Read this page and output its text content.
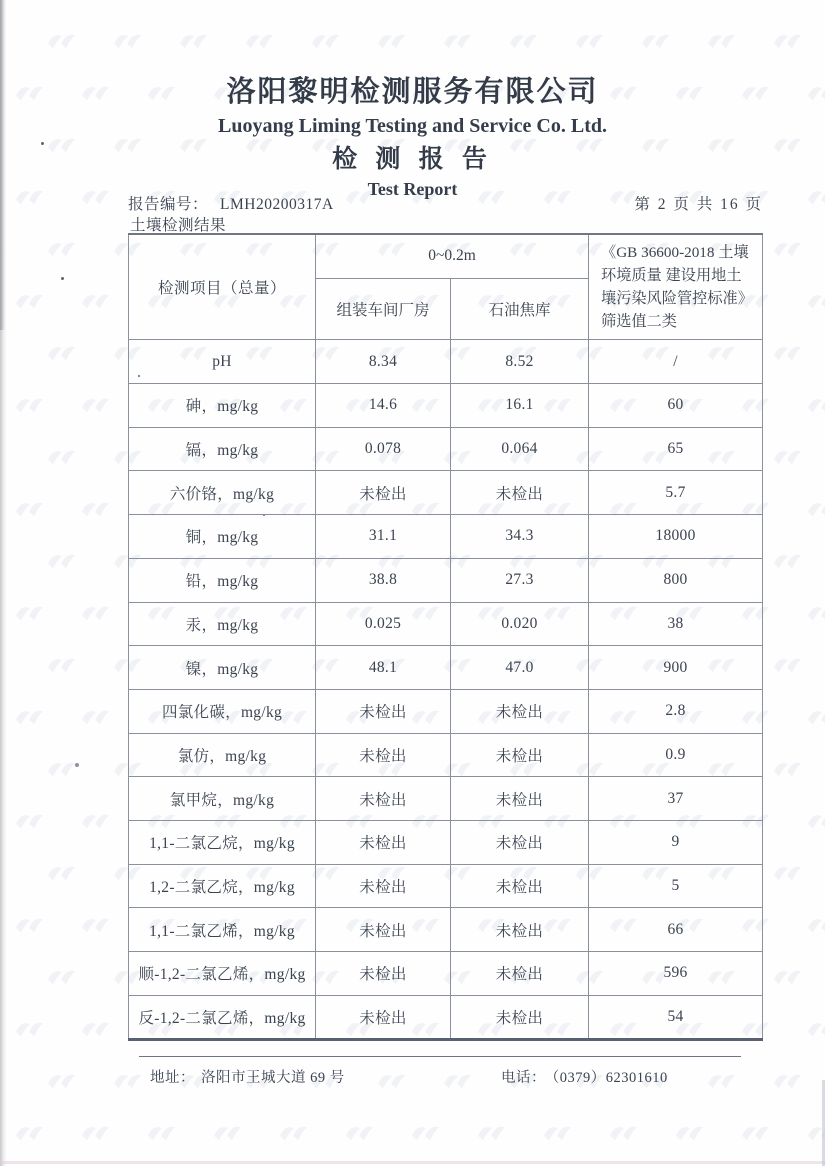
洛阳黎明检测服务有限公司
Luoyang Liming Testing and Service Co. Ltd.
检 测 报 告
Test Report
报告编号： LMH20200317A	第 2 页 共 16 页
土壤检测结果
检测项目（总量）	0~0.2m		《GB 36600-2018 土壤环境质量 建设用地土壤污染风险管控标准》筛选值二类
	组装车间厂房	石油焦库	
pH	8.34	8.52	/
砷，mg/kg	14.6	16.1	60
镉，mg/kg	0.078	0.064	65
六价铬，mg/kg	未检出	未检出	5.7
铜，mg/kg	31.1	34.3	18000
铅，mg/kg	38.8	27.3	800
汞，mg/kg	0.025	0.020	38
镍，mg/kg	48.1	47.0	900
四氯化碳，mg/kg	未检出	未检出	2.8
氯仿，mg/kg	未检出	未检出	0.9
氯甲烷，mg/kg	未检出	未检出	37
1,1-二氯乙烷，mg/kg	未检出	未检出	9
1,2-二氯乙烷，mg/kg	未检出	未检出	5
1,1-二氯乙烯，mg/kg	未检出	未检出	66
顺-1,2-二氯乙烯，mg/kg	未检出	未检出	596
反-1,2-二氯乙烯，mg/kg	未检出	未检出	54
地址： 洛阳市王城大道 69 号	电话： （0379）62301610
